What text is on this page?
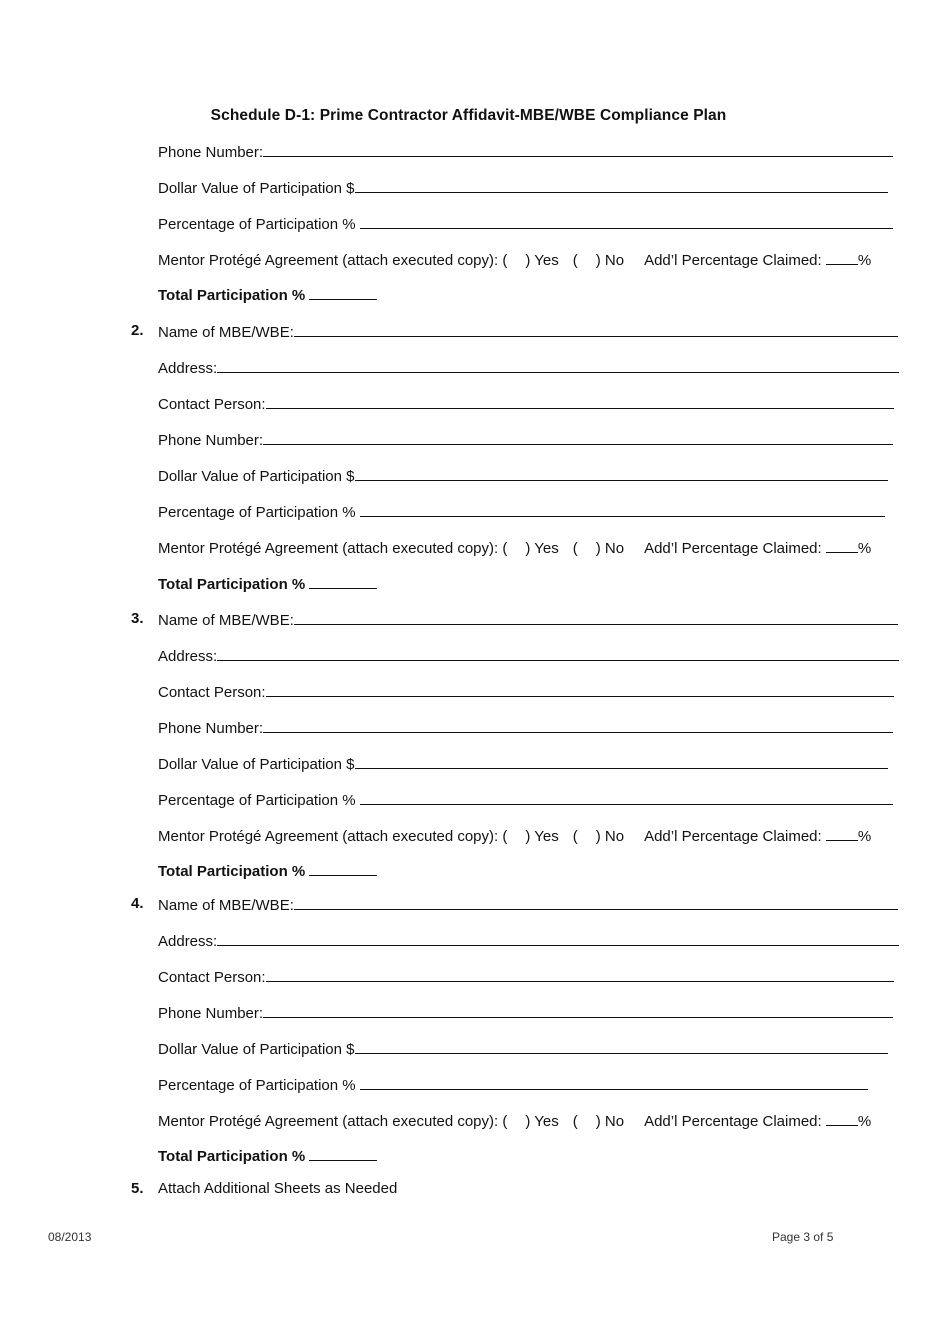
Schedule D-1: Prime Contractor Affidavit-MBE/WBE Compliance Plan
Phone Number:
Dollar Value of Participation $
Percentage of Participation %
Mentor Protégé Agreement (attach executed copy): ( ) Yes ( ) No Add’l Percentage Claimed: %
Total Participation %
2. Name of MBE/WBE:
Address:
Contact Person:
Phone Number:
Dollar Value of Participation $
Percentage of Participation %
Mentor Protégé Agreement (attach executed copy): ( ) Yes ( ) No Add’l Percentage Claimed: %
Total Participation %
3. Name of MBE/WBE:
Address:
Contact Person:
Phone Number:
Dollar Value of Participation $
Percentage of Participation %
Mentor Protégé Agreement (attach executed copy): ( ) Yes ( ) No Add’l Percentage Claimed: %
Total Participation %
4. Name of MBE/WBE:
Address:
Contact Person:
Phone Number:
Dollar Value of Participation $
Percentage of Participation %
Mentor Protégé Agreement (attach executed copy): ( ) Yes ( ) No Add’l Percentage Claimed: %
Total Participation %
5. Attach Additional Sheets as Needed
08/2013	Page 3 of 5
